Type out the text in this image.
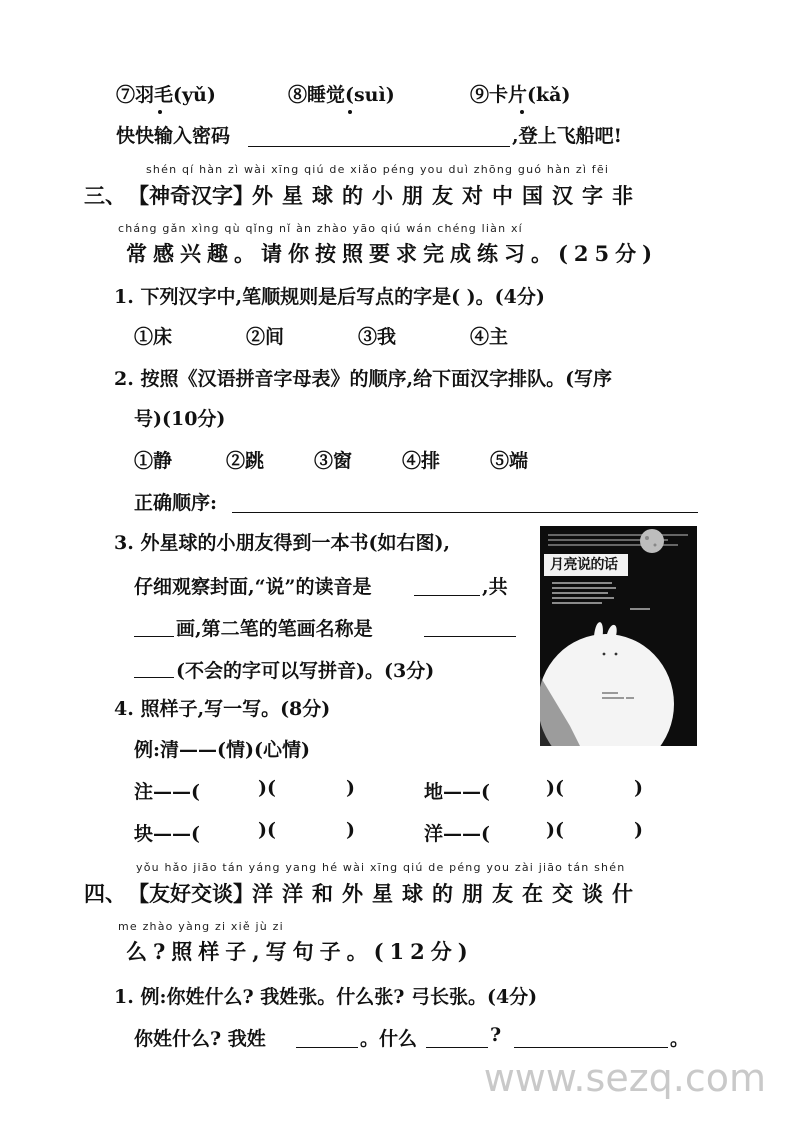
⑦羽毛(yǔ)	⑧睡觉(suì)	⑨卡片(kǎ)
快快输入密码	,登上飞船吧!
shén qí hàn zì wài xīng qiú de xiǎo péng you duì zhōng guó hàn zì fēi
三、 【神奇汉字】
外星球的小朋友对中国汉字非
cháng gǎn xìng qù qǐng nǐ àn zhào yāo qiú wán chéng liàn xí
常感兴趣。请你按照要求完成练习。(25分)
1. 下列汉字中,笔顺规则是后写点的字是( )。(4分)
①床	②间	③我	④主
2. 按照《汉语拼音字母表》的顺序,给下面汉字排队。(写序
号)(10分)
①静	②跳	③窗	④排	⑤端
正确顺序:
3. 外星球的小朋友得到一本书(如右图),
仔细观察封面,“说”的读音是	,共
画,第二笔的笔画名称是
(不会的字可以写拼音)。(3分)
月亮说的话
4. 照样子,写一写。(8分)
例:清——(情)(心情)
注——(	)(	)	地——(	)(	)
块——(	)(	)	洋——(	)(	)
yǒu hǎo jiāo tán yáng yang hé wài xīng qiú de péng you zài jiāo tán shén
四、 【友好交谈】
洋洋和外星球的朋友在交谈什
me zhào yàng zi xiě jù zi
么?照样子,写句子。(12分)
1. 例:你姓什么? 我姓张。什么张? 弓长张。(4分)
你姓什么? 我姓	。什么	?	。
www.sezq.com
